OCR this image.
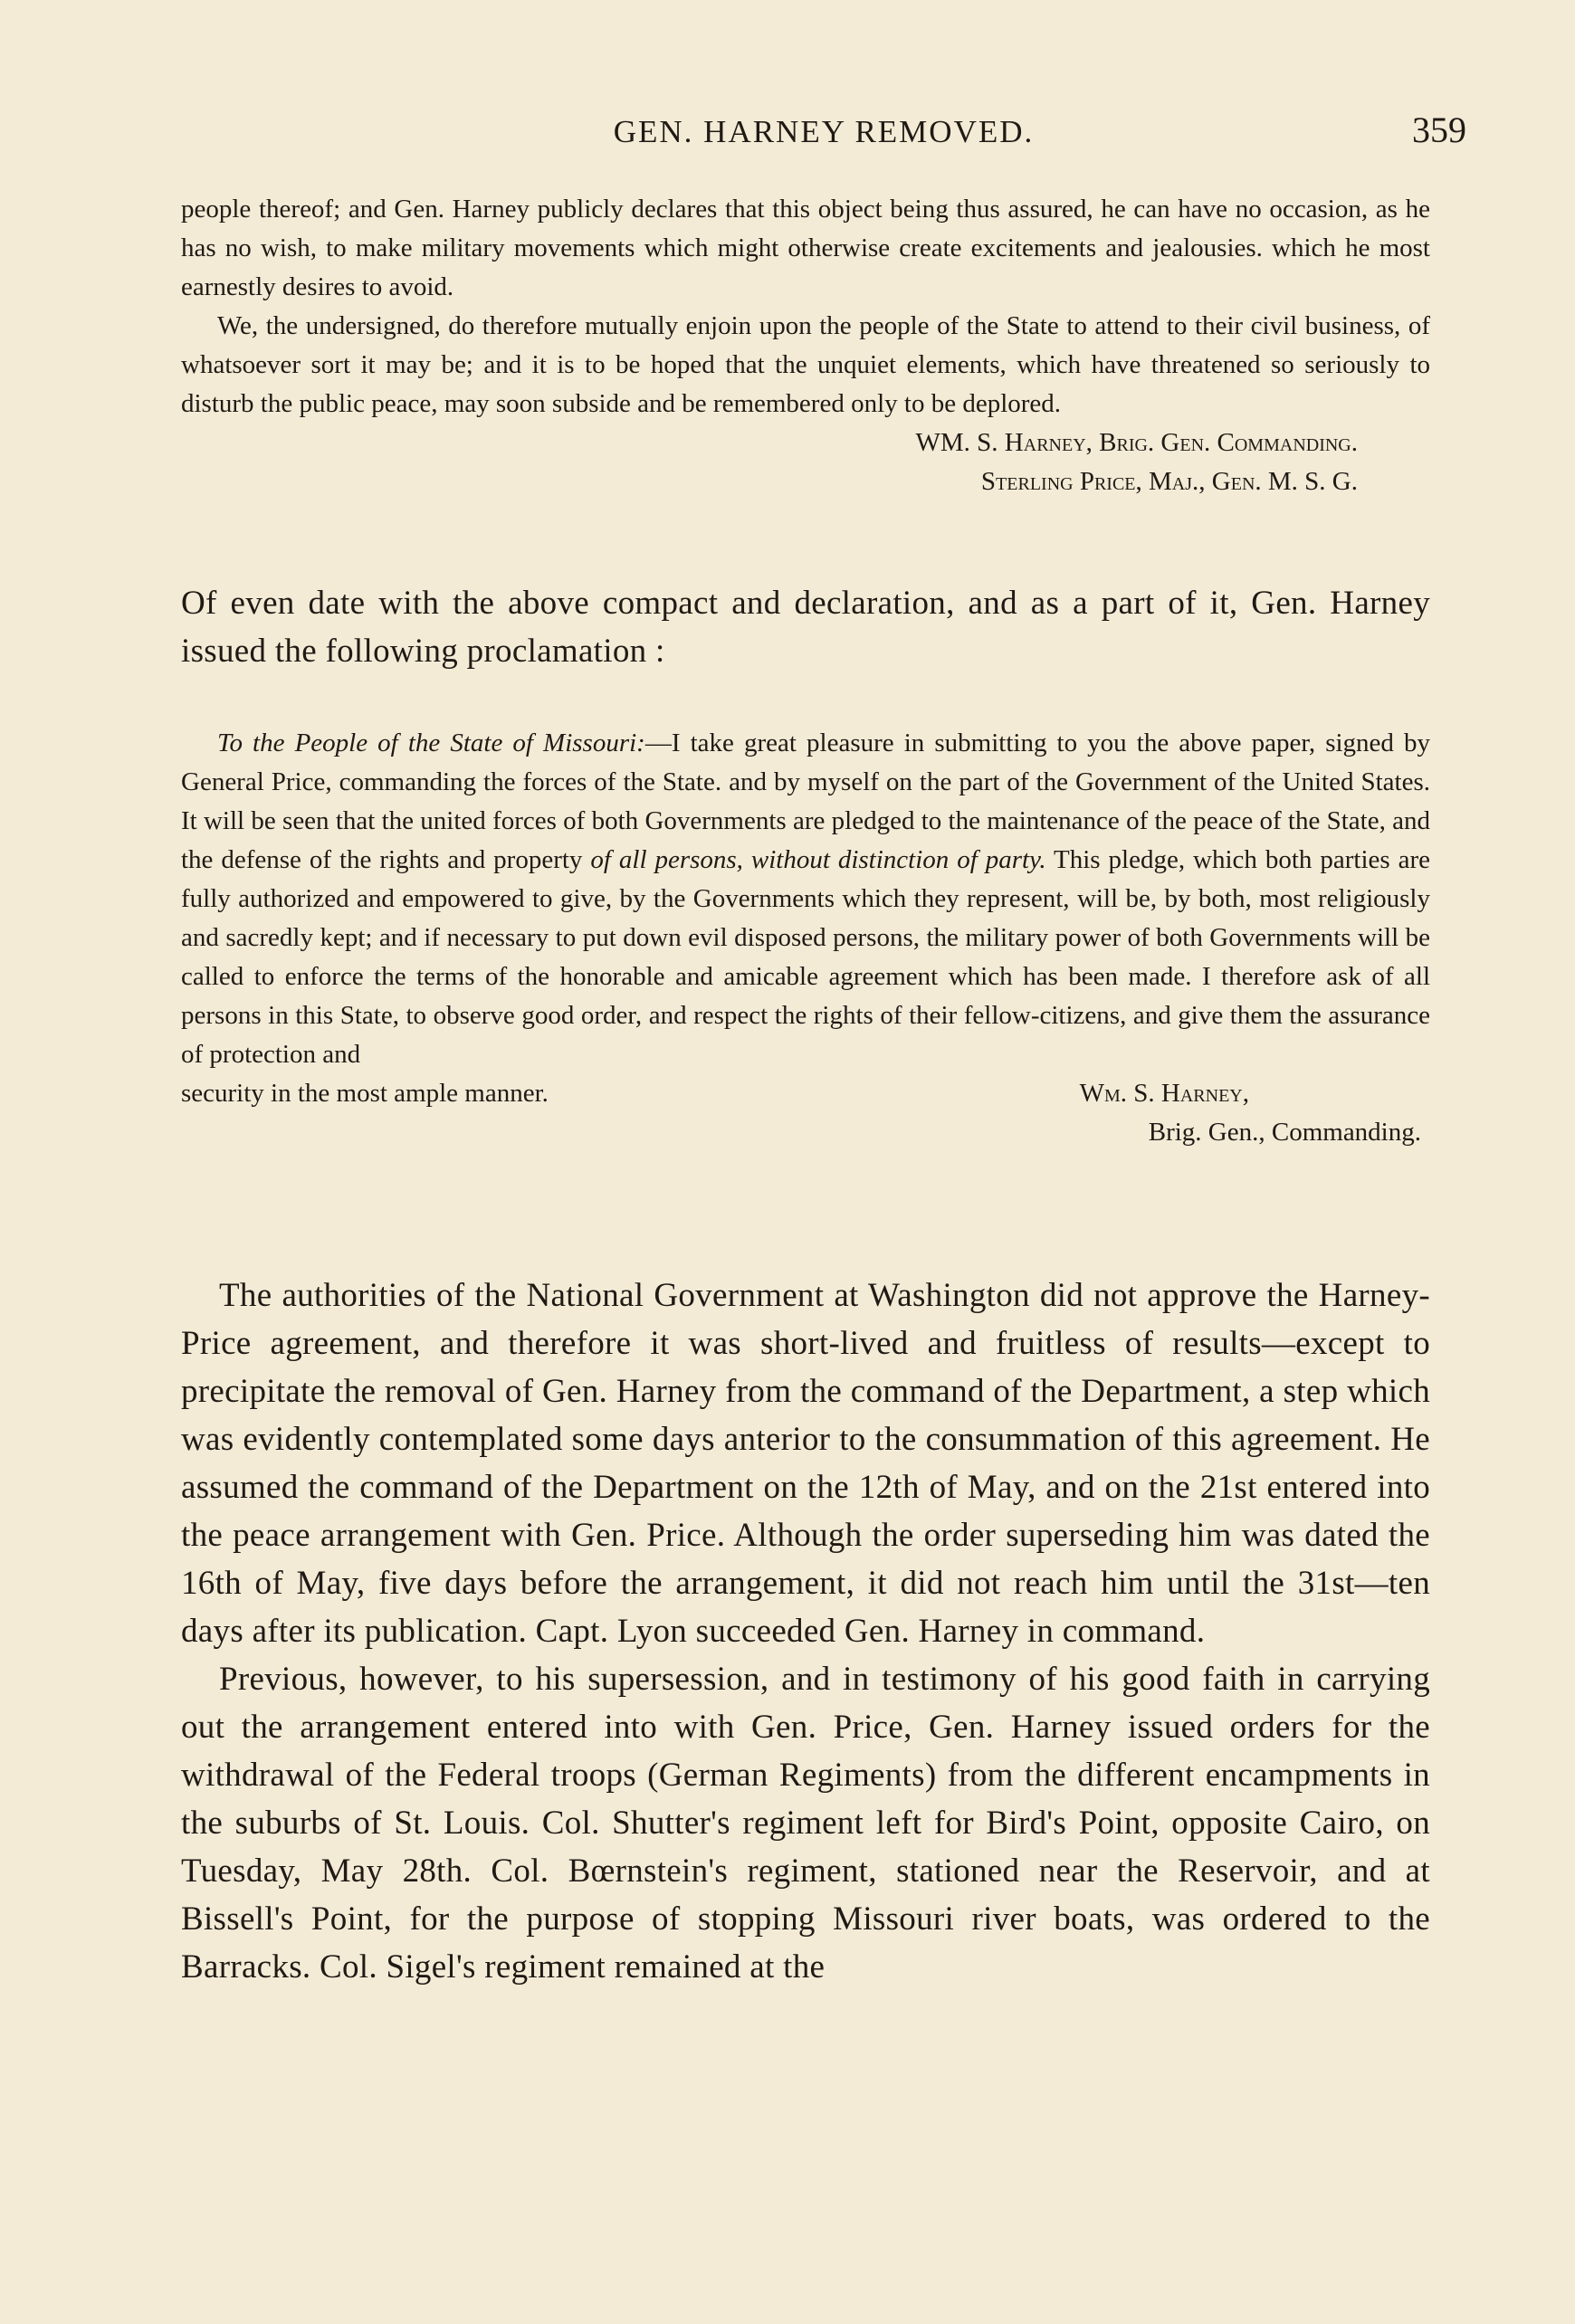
GEN. HARNEY REMOVED.	359

people thereof; and Gen. Harney publicly declares that this object being thus assured, he can have no occasion, as he has no wish, to make military movements which might otherwise create excitements and jealousies. which he most earnestly desires to avoid.

We, the undersigned, do therefore mutually enjoin upon the people of the State to attend to their civil business, of whatsoever sort it may be; and it is to be hoped that the unquiet elements, which have threatened so seriously to disturb the public peace, may soon subside and be remembered only to be deplored.

WM. S. Harney, Brig. Gen. Commanding.
Sterling Price, Maj., Gen. M. S. G.

Of even date with the above compact and declaration, and as a part of it, Gen. Harney issued the following proclamation :

To the People of the State of Missouri:—I take great pleasure in submitting to you the above paper, signed by General Price, commanding the forces of the State. and by myself on the part of the Government of the United States. It will be seen that the united forces of both Governments are pledged to the maintenance of the peace of the State, and the defense of the rights and property of all persons, without distinction of party. This pledge, which both parties are fully authorized and empowered to give, by the Governments which they represent, will be, by both, most religiously and sacredly kept; and if necessary to put down evil disposed persons, the military power of both Governments will be called to enforce the terms of the honorable and amicable agreement which has been made. I therefore ask of all persons in this State, to observe good order, and respect the rights of their fellow-citizens, and give them the assurance of protection and

security in the most ample manner.	Wm. S. Harney,
Brig. Gen., Commanding.

The authorities of the National Government at Washington did not approve the Harney-Price agreement, and therefore it was short-lived and fruitless of results—except to precipitate the removal of Gen. Harney from the command of the Department, a step which was evidently contemplated some days anterior to the consummation of this agreement. He assumed the command of the Department on the 12th of May, and on the 21st entered into the peace arrangement with Gen. Price. Although the order superseding him was dated the 16th of May, five days before the arrangement, it did not reach him until the 31st—ten days after its publication. Capt. Lyon succeeded Gen. Harney in command.

Previous, however, to his supersession, and in testimony of his good faith in carrying out the arrangement entered into with Gen. Price, Gen. Harney issued orders for the withdrawal of the Federal troops (German Regiments) from the different encampments in the suburbs of St. Louis. Col. Shutter's regiment left for Bird's Point, opposite Cairo, on Tuesday, May 28th. Col. Bœrnstein's regiment, stationed near the Reservoir, and at Bissell's Point, for the purpose of stopping Missouri river boats, was ordered to the Barracks. Col. Sigel's regiment remained at the
